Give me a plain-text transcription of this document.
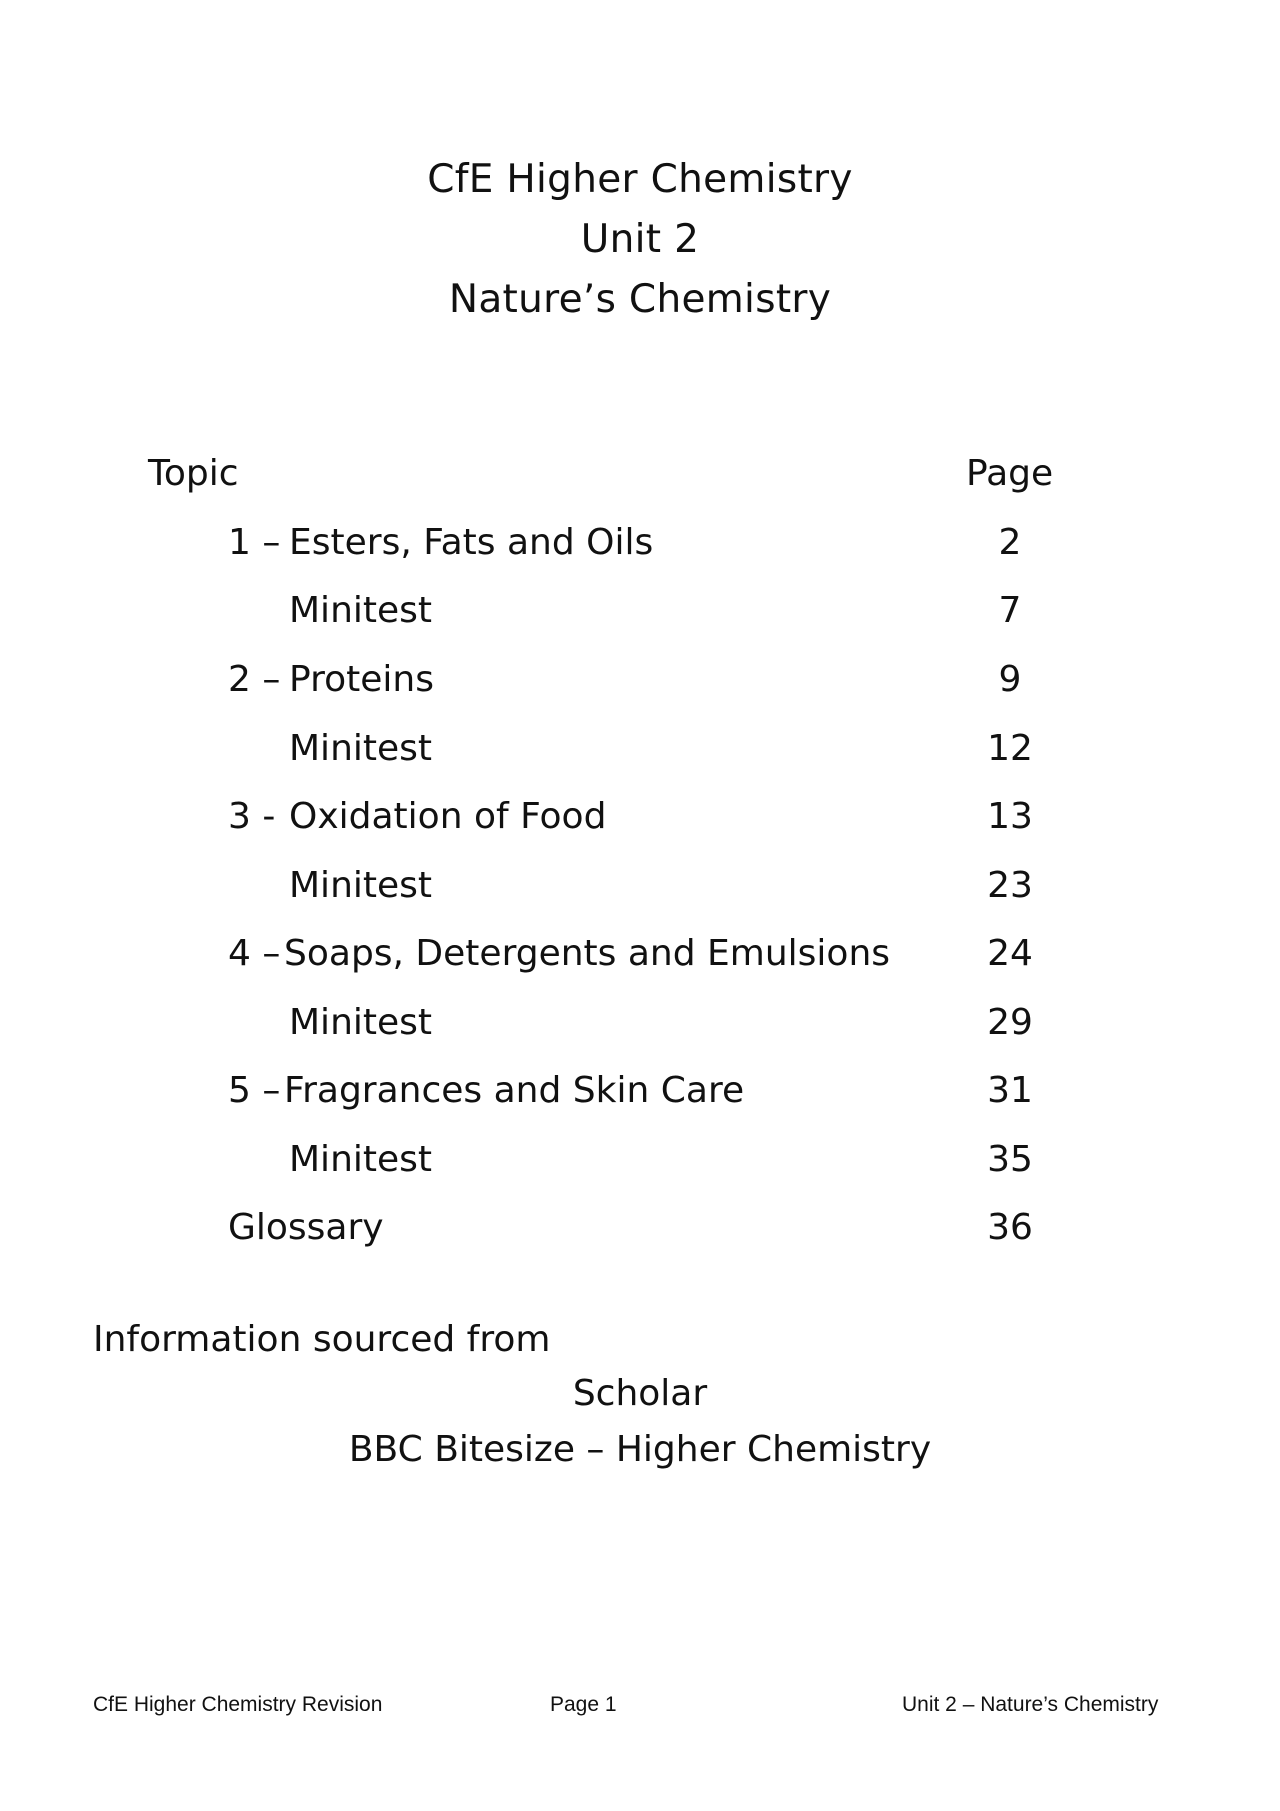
CfE Higher Chemistry
Unit 2
Nature’s Chemistry
Topic	Page
1 – Esters, Fats and Oils	2
Minitest	7
2 – Proteins	9
Minitest	12
3 - Oxidation of Food	13
Minitest	23
4 – Soaps, Detergents and Emulsions	24
Minitest	29
5 – Fragrances and Skin Care	31
Minitest	35
Glossary	36
Information sourced from
Scholar
BBC Bitesize – Higher Chemistry
CfE Higher Chemistry Revision	Page 1	Unit 2 – Nature’s Chemistry
